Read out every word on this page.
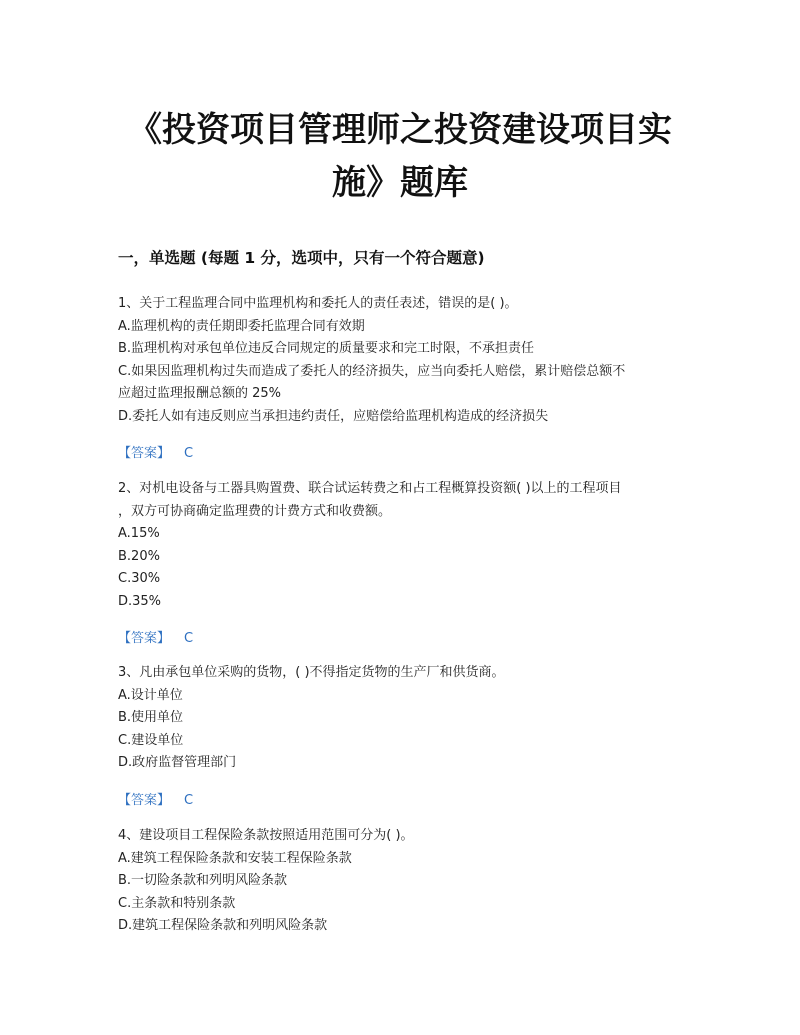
《投资项目管理师之投资建设项目实
施》题库
一，单选题 (每题 1 分，选项中，只有一个符合题意)
1、关于工程监理合同中监理机构和委托人的责任表述，错误的是( )。
A.监理机构的责任期即委托监理合同有效期
B.监理机构对承包单位违反合同规定的质量要求和完工时限，不承担责任
C.如果因监理机构过失而造成了委托人的经济损失，应当向委托人赔偿，累计赔偿总额不
应超过监理报酬总额的 25%
D.委托人如有违反则应当承担违约责任，应赔偿给监理机构造成的经济损失
【答案】 C
2、对机电设备与工器具购置费、联合试运转费之和占工程概算投资额( )以上的工程项目
，双方可协商确定监理费的计费方式和收费额。
A.15%
B.20%
C.30%
D.35%
【答案】 C
3、凡由承包单位采购的货物，( )不得指定货物的生产厂和供货商。
A.设计单位
B.使用单位
C.建设单位
D.政府监督管理部门
【答案】 C
4、建设项目工程保险条款按照适用范围可分为( )。
A.建筑工程保险条款和安装工程保险条款
B.一切险条款和列明风险条款
C.主条款和特别条款
D.建筑工程保险条款和列明风险条款
